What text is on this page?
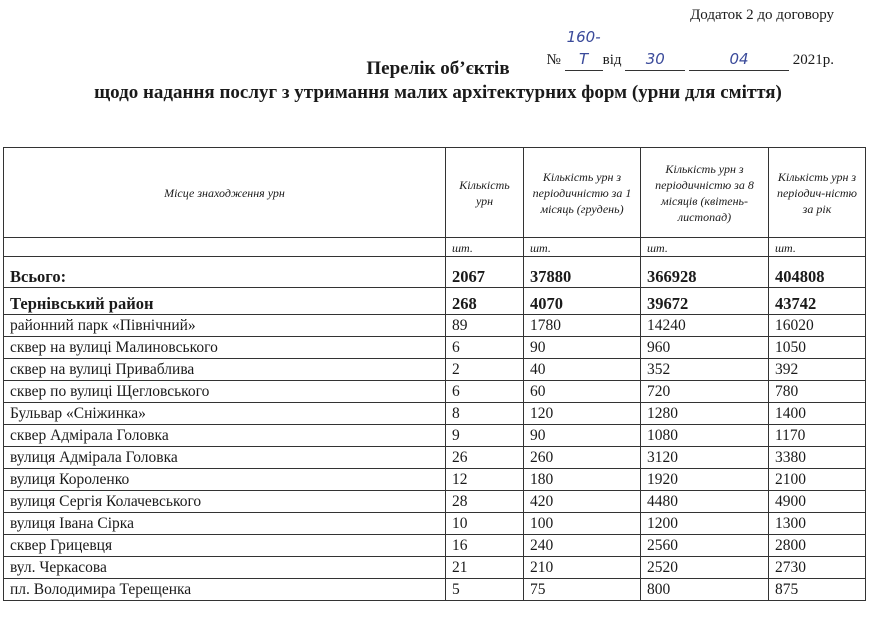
Додаток 2 до договору
№ 160-Т від 30	04	2021р.
Перелік об’єктів
щодо надання послуг з утримання малих архітектурних форм (урни для сміття)
Місце знаходження урн	Кількість урн	Кількість урн з періодичністю за 1 місяць (грудень)	Кількість урн з періодичністю за 8 місяців (квітень-листопад)	Кількість урн з періодич-ністю за рік
	шт.	шт.	шт.	шт.
Всього:	2067	37880	366928	404808
Тернівський район	268	4070	39672	43742
районний парк «Північний»	89	1780	14240	16020
сквер на вулиці Малиновського	6	90	960	1050
сквер на вулиці Приваблива	2	40	352	392
сквер по вулиці Щегловського	6	60	720	780
Бульвар «Сніжинка»	8	120	1280	1400
сквер Адмірала Головка	9	90	1080	1170
вулиця Адмірала Головка	26	260	3120	3380
вулиця Короленко	12	180	1920	2100
вулиця Сергія Колачевського	28	420	4480	4900
вулиця Івана Сірка	10	100	1200	1300
сквер Грицевця	16	240	2560	2800
вул. Черкасова	21	210	2520	2730
пл. Володимира Терещенка	5	75	800	875
